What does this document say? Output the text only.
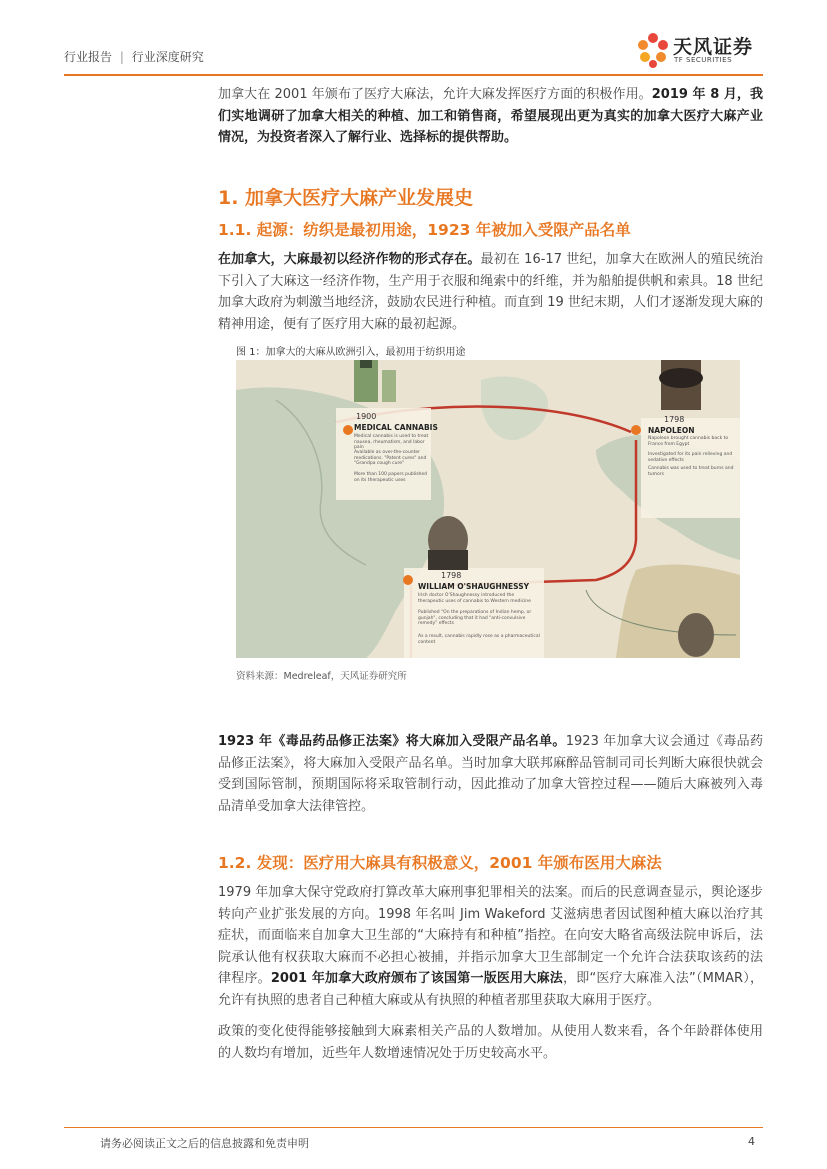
行业报告 | 行业深度研究	天风证券
TF SECURITIES

加拿大在 2001 年颁布了医疗大麻法，允许大麻发挥医疗方面的积极作用。2019 年 8 月，我们实地调研了加拿大相关的种植、加工和销售商，希望展现出更为真实的加拿大医疗大麻产业情况，为投资者深入了解行业、选择标的提供帮助。

1. 加拿大医疗大麻产业发展史
1.1. 起源：纺织是最初用途，1923 年被加入受限产品名单

在加拿大，大麻最初以经济作物的形式存在。最初在 16-17 世纪，加拿大在欧洲人的殖民统治下引入了大麻这一经济作物，生产用于衣服和绳索中的纤维，并为船舶提供帆和索具。18 世纪加拿大政府为刺激当地经济，鼓励农民进行种植。而直到 19 世纪末期，人们才逐渐发现大麻的精神用途，便有了医疗用大麻的最初起源。

图 1：加拿大的大麻从欧洲引入，最初用于纺织用途
1900
MEDICAL CANNABIS
Medical cannabis is used to treat nausea, rheumatism, and labor pain
Available as over-the-counter medications. "Patent cures" and "Grandpa cough cure"
More than 100 papers published on its therapeutic uses
1798
NAPOLEON
Napoleon brought cannabis back to France from Egypt
Investigated for its pain relieving and sedative effects
Cannabis was used to treat burns and tumors
1798
WILLIAM O'SHAUGHNESSY
Irish doctor O'Shaughnessy introduced the therapeutic uses of cannabis to Western medicine
Published "On the preparations of Indian hemp, or gunjah", concluding that it had "anti-convulsive remedy" effects
As a result, cannabis rapidly rose as a pharmaceutical content
资料来源：Medreleaf，天风证券研究所

1923 年《毒品药品修正法案》将大麻加入受限产品名单。1923 年加拿大议会通过《毒品药品修正法案》，将大麻加入受限产品名单。当时加拿大联邦麻醉品管制司司长判断大麻很快就会受到国际管制，预期国际将采取管制行动，因此推动了加拿大管控过程——随后大麻被列入毒品清单受加拿大法律管控。

1.2. 发现：医疗用大麻具有积极意义，2001 年颁布医用大麻法

1979 年加拿大保守党政府打算改革大麻刑事犯罪相关的法案。而后的民意调查显示，舆论逐步转向产业扩张发展的方向。1998 年名叫 Jim Wakeford 艾滋病患者因试图种植大麻以治疗其症状，而面临来自加拿大卫生部的“大麻持有和种植”指控。在向安大略省高级法院申诉后，法院承认他有权获取大麻而不必担心被捕，并指示加拿大卫生部制定一个允许合法获取该药的法律程序。2001 年加拿大政府颁布了该国第一版医用大麻法，即“医疗大麻准入法”（MMAR），允许有执照的患者自己种植大麻或从有执照的种植者那里获取大麻用于医疗。

政策的变化使得能够接触到大麻素相关产品的人数增加。从使用人数来看，各个年龄群体使用的人数均有增加，近些年人数增速情况处于历史较高水平。

请务必阅读正文之后的信息披露和免责申明	4
